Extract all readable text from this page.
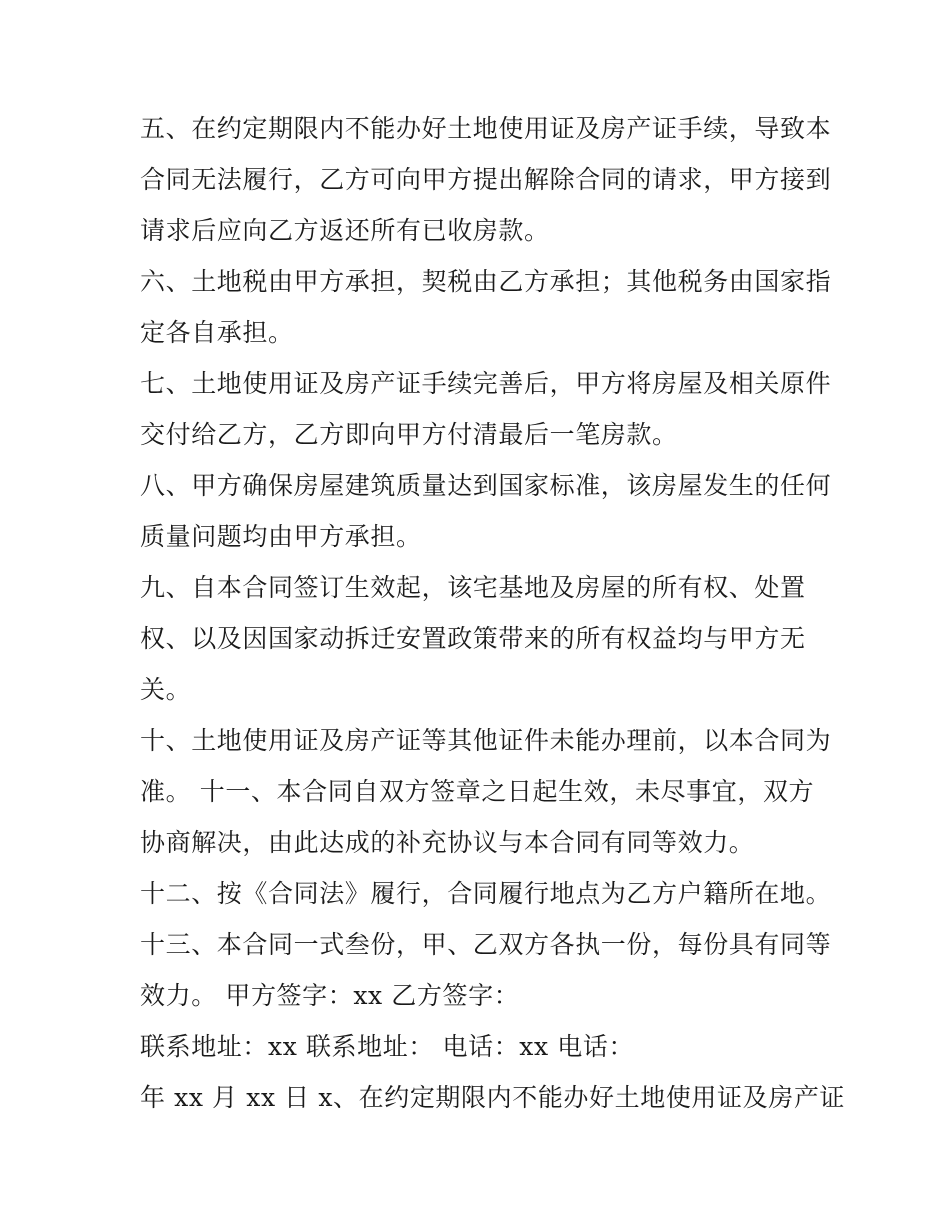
五、在约定期限内不能办好土地使用证及房产证手续，导致本
合同无法履行，乙方可向甲方提出解除合同的请求，甲方接到
请求后应向乙方返还所有已收房款。
六、土地税由甲方承担，契税由乙方承担；其他税务由国家指
定各自承担。
七、土地使用证及房产证手续完善后，甲方将房屋及相关原件
交付给乙方，乙方即向甲方付清最后一笔房款。
八、甲方确保房屋建筑质量达到国家标准，该房屋发生的任何
质量问题均由甲方承担。
九、自本合同签订生效起，该宅基地及房屋的所有权、处置
权、以及因国家动拆迁安置政策带来的所有权益均与甲方无
关。
十、土地使用证及房产证等其他证件未能办理前，以本合同为
准。 十一、本合同自双方签章之日起生效，未尽事宜，双方
协商解决，由此达成的补充协议与本合同有同等效力。
十二、按《合同法》履行，合同履行地点为乙方户籍所在地。
十三、本合同一式叁份，甲、乙双方各执一份，每份具有同等
效力。 甲方签字：xx 乙方签字：
联系地址：xx 联系地址： 电话：xx 电话：
年 xx 月 xx 日 x、在约定期限内不能办好土地使用证及房产证
